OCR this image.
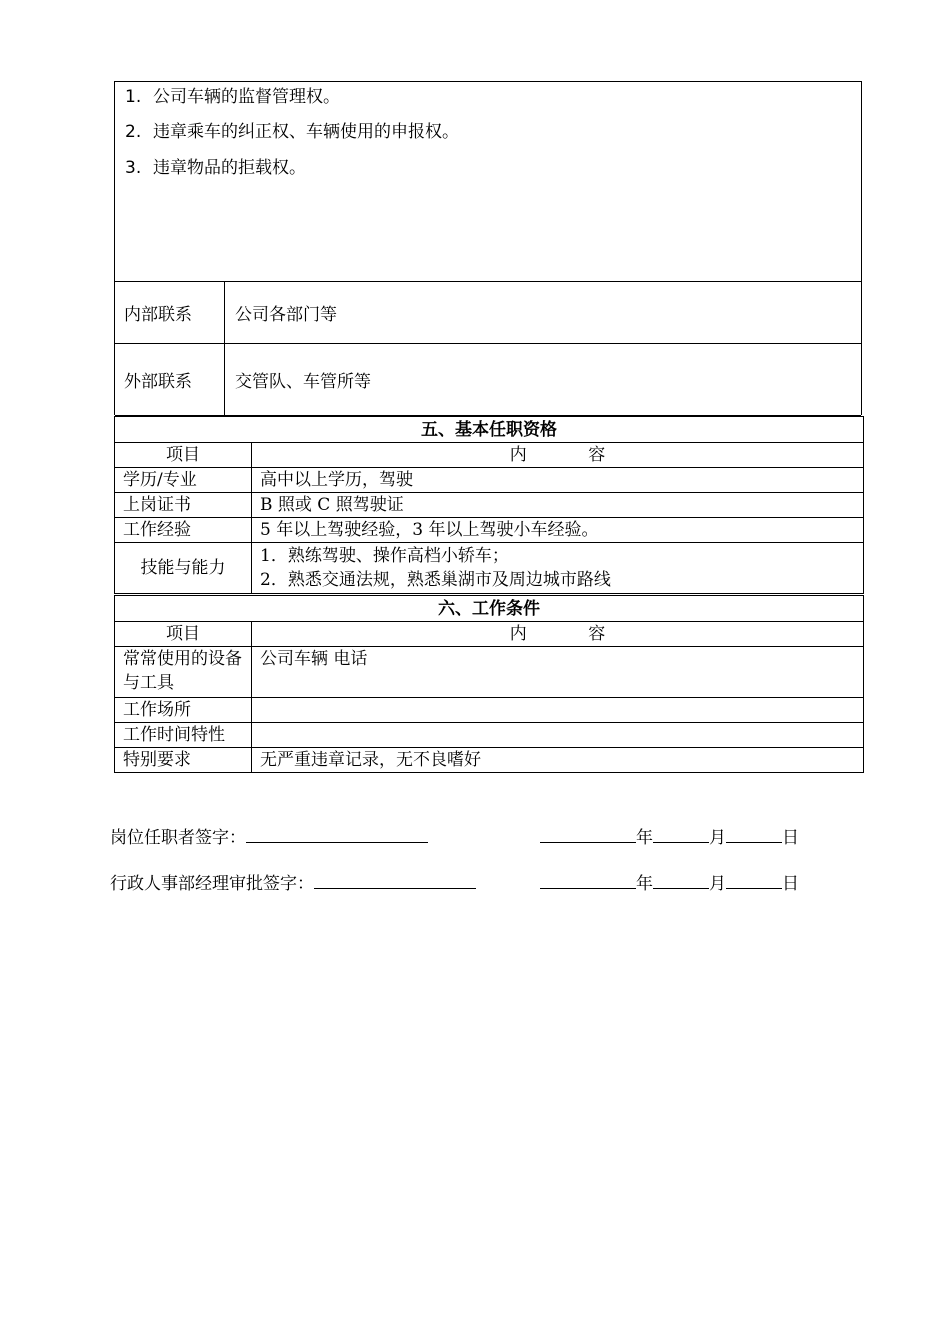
1. 公司车辆的监督管理权。
2. 违章乘车的纠正权、车辆使用的申报权。
3. 违章物品的拒载权。
内部联系	公司各部门等
外部联系	交管队、车管所等
五、基本任职资格	
项目	内 容
学历/专业	高中以上学历，驾驶
上岗证书	B 照或 C 照驾驶证
工作经验	5 年以上驾驶经验，3 年以上驾驶小车经验。
技能与能力	1．熟练驾驶、操作高档小轿车；
2．熟悉交通法规，熟悉巢湖市及周边城市路线
六、工作条件	
项目	内 容
常常使用的设备与工具	公司车辆 电话
工作场所	
工作时间特性	
特别要求	无严重违章记录，无不良嗜好
岗位任职者签字：	年	月	日
行政人事部经理审批签字：	年	月	日
